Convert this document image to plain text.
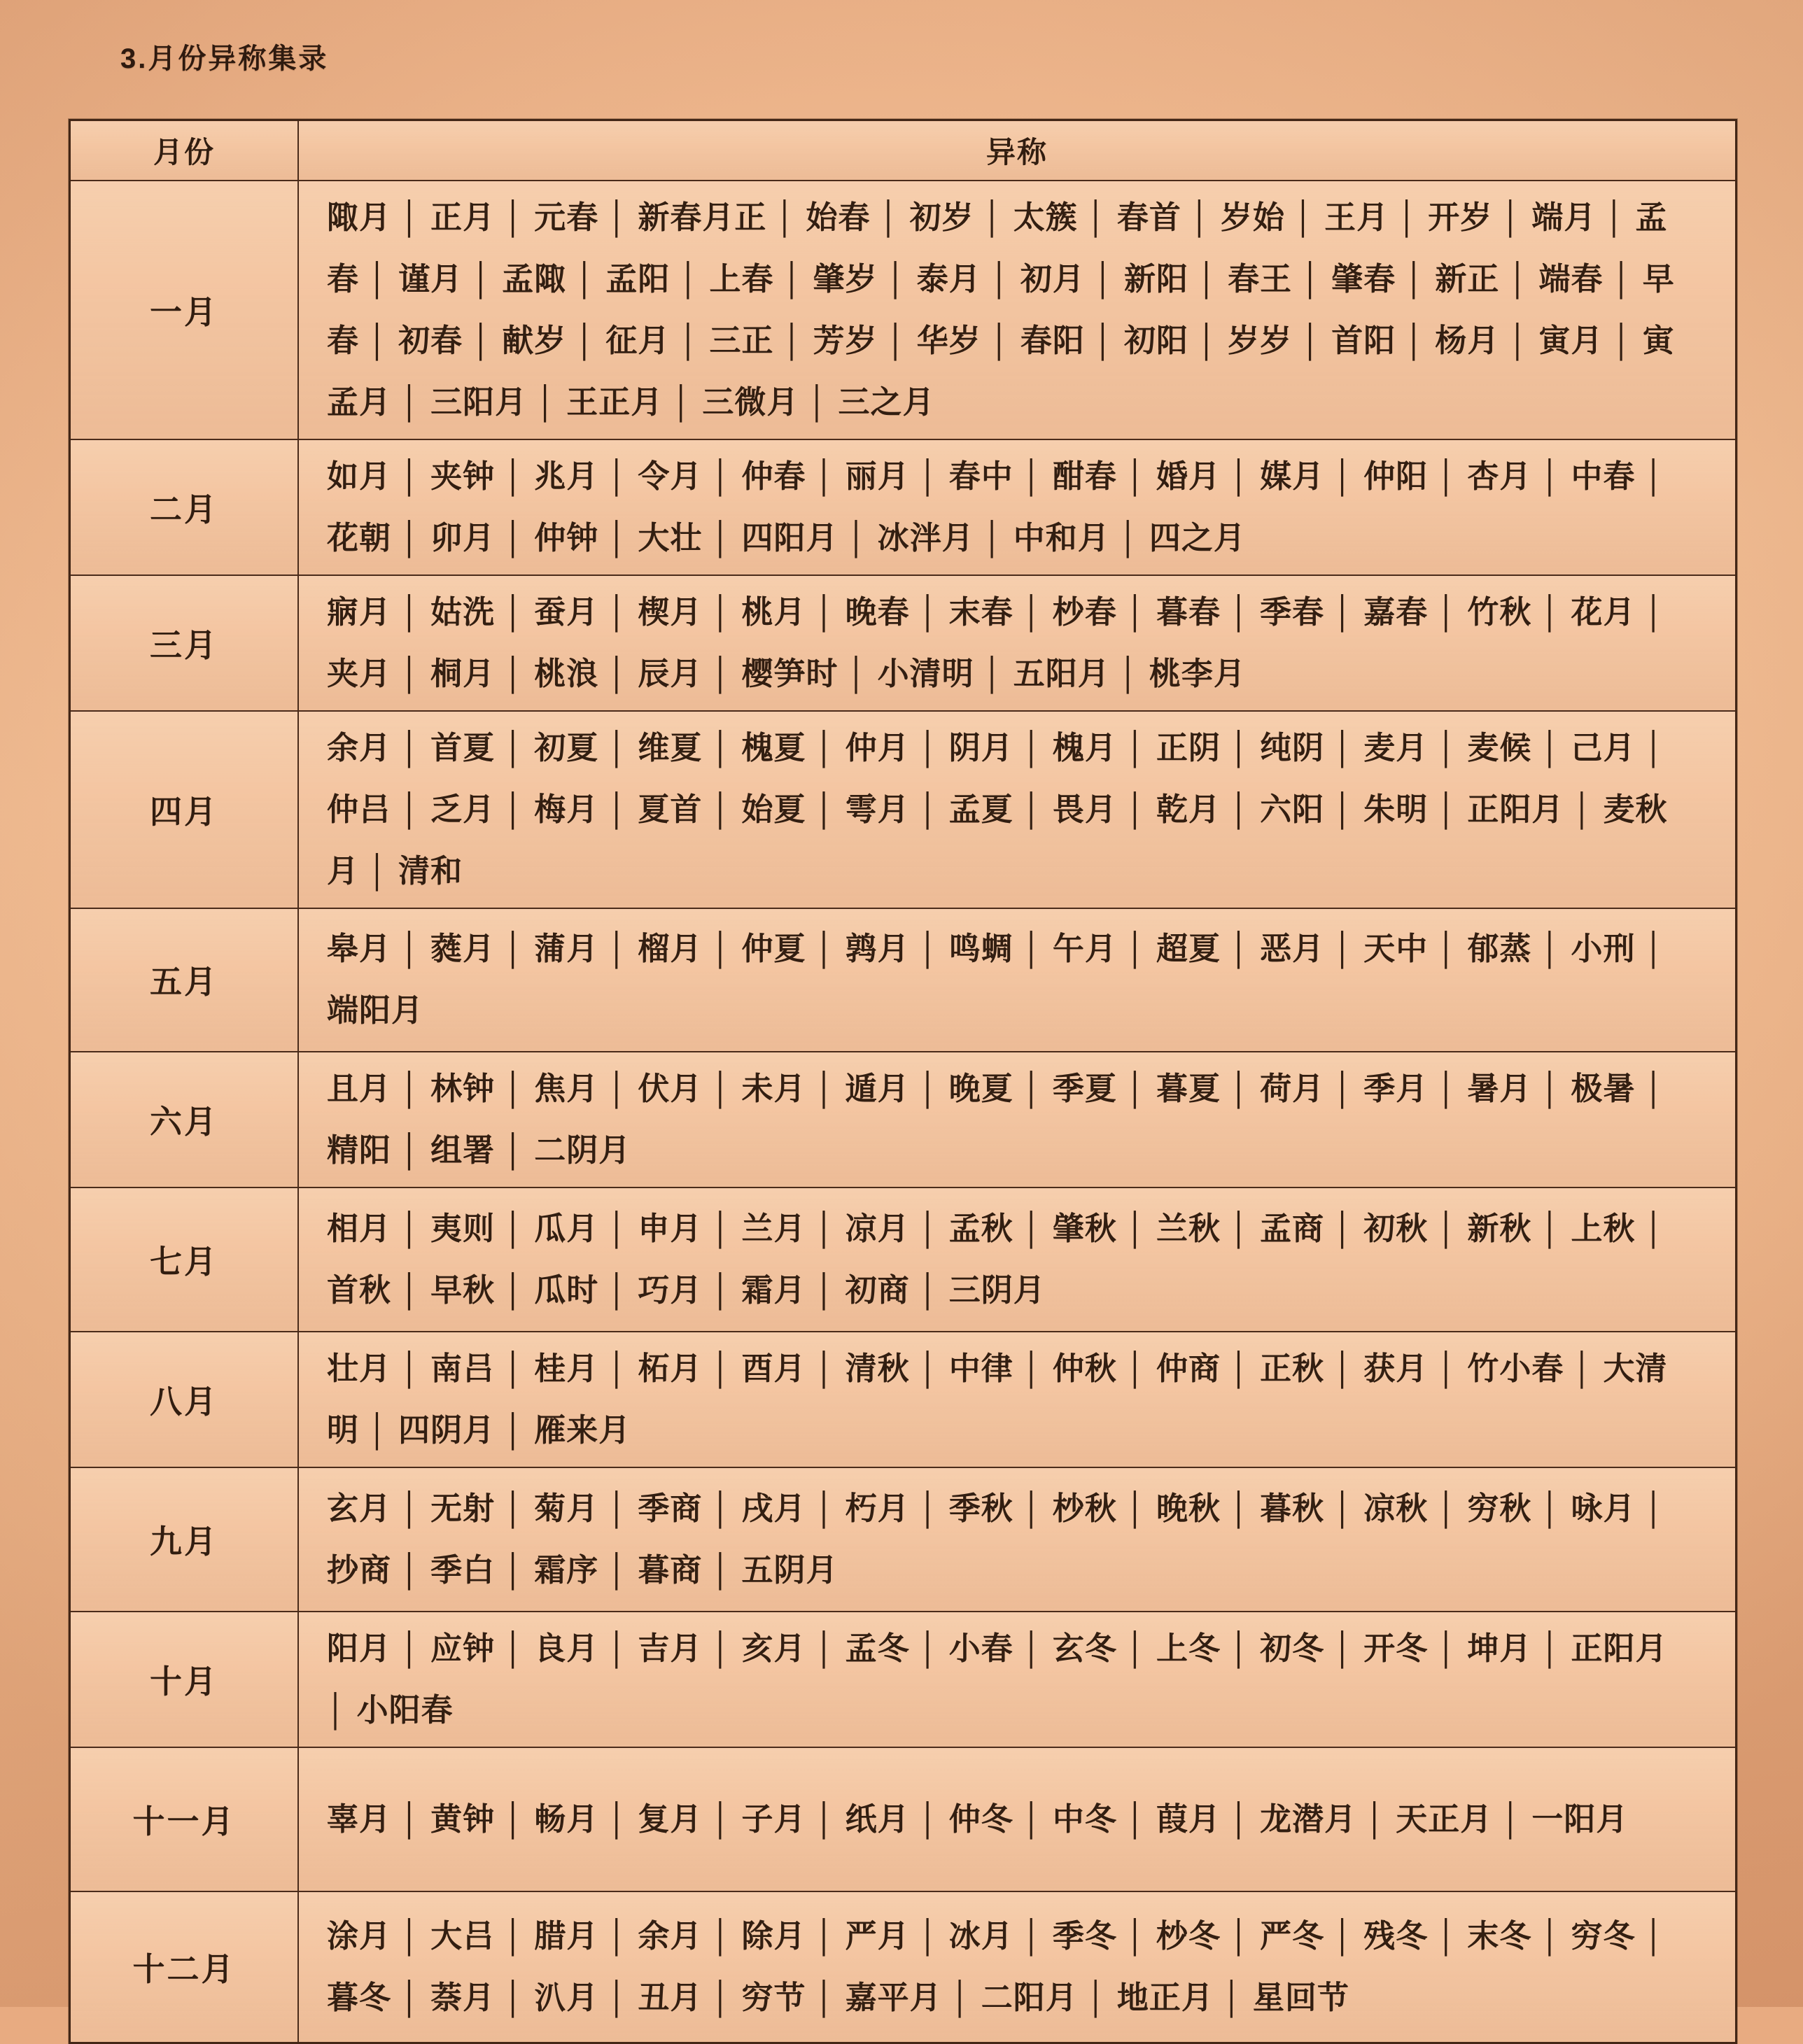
3.月份异称集录
月份	异称
一月	陬月 │ 正月 │ 元春 │ 新春月正 │ 始春 │ 初岁 │ 太簇 │ 春首 │ 岁始 │ 王月 │ 开岁 │ 端月 │ 孟春 │ 谨月 │ 孟陬 │ 孟阳 │ 上春 │ 肇岁 │ 泰月 │ 初月 │ 新阳 │ 春王 │ 肇春 │ 新正 │ 端春 │ 早春 │ 初春 │ 献岁 │ 征月 │ 三正 │ 芳岁 │ 华岁 │ 春阳 │ 初阳 │ 岁岁 │ 首阳 │ 杨月 │ 寅月 │ 寅孟月 │ 三阳月 │ 王正月 │ 三微月 │ 三之月
二月	如月 │ 夹钟 │ 兆月 │ 令月 │ 仲春 │ 丽月 │ 春中 │ 酣春 │ 婚月 │ 媒月 │ 仲阳 │ 杏月 │ 中春 │ 花朝 │ 卯月 │ 仲钟 │ 大壮 │ 四阳月 │ 冰泮月 │ 中和月 │ 四之月
三月	寎月 │ 姑洗 │ 蚕月 │ 楔月 │ 桃月 │ 晚春 │ 末春 │ 杪春 │ 暮春 │ 季春 │ 嘉春 │ 竹秋 │ 花月 │ 夹月 │ 桐月 │ 桃浪 │ 辰月 │ 樱笋时 │ 小清明 │ 五阳月 │ 桃李月
四月	余月 │ 首夏 │ 初夏 │ 维夏 │ 槐夏 │ 仲月 │ 阴月 │ 槐月 │ 正阴 │ 纯阴 │ 麦月 │ 麦候 │ 己月 │ 仲吕 │ 乏月 │ 梅月 │ 夏首 │ 始夏 │ 雩月 │ 孟夏 │ 畏月 │ 乾月 │ 六阳 │ 朱明 │ 正阳月 │ 麦秋月 │ 清和
五月	皋月 │ 蕤月 │ 蒲月 │ 榴月 │ 仲夏 │ 鹑月 │ 鸣蜩 │ 午月 │ 超夏 │ 恶月 │ 天中 │ 郁蒸 │ 小刑 │ 端阳月
六月	且月 │ 林钟 │ 焦月 │ 伏月 │ 未月 │ 遁月 │ 晚夏 │ 季夏 │ 暮夏 │ 荷月 │ 季月 │ 暑月 │ 极暑 │ 精阳 │ 组署 │ 二阴月
七月	相月 │ 夷则 │ 瓜月 │ 申月 │ 兰月 │ 凉月 │ 孟秋 │ 肇秋 │ 兰秋 │ 孟商 │ 初秋 │ 新秋 │ 上秋 │ 首秋 │ 早秋 │ 瓜时 │ 巧月 │ 霜月 │ 初商 │ 三阴月
八月	壮月 │ 南吕 │ 桂月 │ 柘月 │ 酉月 │ 清秋 │ 中律 │ 仲秋 │ 仲商 │ 正秋 │ 获月 │ 竹小春 │ 大清明 │ 四阴月 │ 雁来月
九月	玄月 │ 无射 │ 菊月 │ 季商 │ 戌月 │ 朽月 │ 季秋 │ 杪秋 │ 晚秋 │ 暮秋 │ 凉秋 │ 穷秋 │ 咏月 │ 抄商 │ 季白 │ 霜序 │ 暮商 │ 五阴月
十月	阳月 │ 应钟 │ 良月 │ 吉月 │ 亥月 │ 孟冬 │ 小春 │ 玄冬 │ 上冬 │ 初冬 │ 开冬 │ 坤月 │ 正阳月 │ 小阳春
十一月	辜月 │ 黄钟 │ 畅月 │ 复月 │ 子月 │ 纸月 │ 仲冬 │ 中冬 │ 葭月 │ 龙潜月 │ 天正月 │ 一阳月
十二月	涂月 │ 大吕 │ 腊月 │ 余月 │ 除月 │ 严月 │ 冰月 │ 季冬 │ 杪冬 │ 严冬 │ 残冬 │ 末冬 │ 穷冬 │ 暮冬 │ 萘月 │ 汃月 │ 丑月 │ 穷节 │ 嘉平月 │ 二阳月 │ 地正月 │ 星回节
